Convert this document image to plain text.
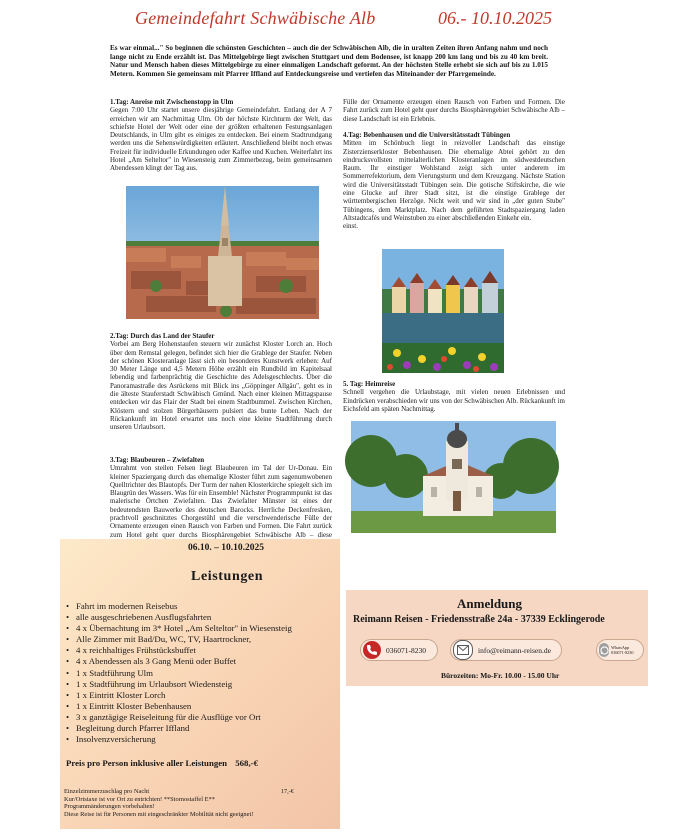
Gemeindefahrt Schwäbische Alb	06.- 10.10.2025
Es war einmal..." So beginnen die schönsten Geschichten – auch die der Schwäbischen Alb, die in uralten Zeiten ihren Anfang nahm und noch lange nicht zu Ende erzählt ist. Das Mittelgebirge liegt zwischen Stuttgart und dem Bodensee, ist knapp 200 km lang und bis zu 40 km breit. Natur und Mensch haben dieses Mittelgebirge zu einer einmaligen Landschaft geformt. An der höchsten Stelle erhebt sie sich auf bis zu 1.015 Metern. Kommen Sie gemeinsam mit Pfarrer Iffland auf Entdeckungsreise und vertiefen das Miteinander der Pfarrgemeinde.

1.Tag: Anreise mit Zwischenstopp in Ulm

Gegen 7:00 Uhr startet unsere diesjährige Gemeindefahrt. Entlang der A 7 erreichen wir am Nachmittag Ulm. Ob der höchste Kirchturm der Welt, das schiefste Hotel der Welt oder eine der größten erhaltenen Festungsanlagen Deutschlands, in Ulm gibt es einiges zu entdecken. Bei einem Stadtrundgang werden uns die Sehenswürdigkeiten erläutert. Anschließend bleibt noch etwas Freizeit für individuelle Erkundungen oder Kaffee und Kuchen. Weiterfahrt ins Hotel „Am Selteltor" in Wiesensteig zum Zimmerbezug, beim gemeinsamen Abendessen klingt der Tag aus.

2.Tag: Durch das Land der Staufer

Vorbei am Berg Hohenstaufen steuern wir zunächst Kloster Lorch an. Hoch über dem Remstal gelegen, befindet sich hier die Grablege der Staufer. Neben der schönen Klosteranlage lässt sich ein besonderes Kunstwerk erleben: Auf 30 Meter Länge und 4,5 Metern Höhe erzählt ein Rundbild im Kapitelsaal lebendig und farbenprächtig die Geschichte des Adelsgeschlechts. Über die Panoramastraße des Asrückens mit Blick ins „Göppinger Allgäu", geht es in die älteste Stauferstadt Schwäbisch Gmünd. Nach einer kleinen Mittagspause entdecken wir das Flair der Stadt bei einem Stadtbummel. Zwischen Kirchen, Klöstern und stolzen Bürgerhäusern pulsiert das bunte Leben. Nach der Rückankunft im Hotel erwartet uns noch eine kleine Stadtführung durch unseren Urlaubsort.

3.Tag: Blaubeuren – Zwiefalten

Umrahmt von steilen Felsen liegt Blaubeuren im Tal der Ur-Donau. Ein kleiner Spaziergang durch das ehemalige Kloster führt zum sagenumwobenen Quelltrichter des Blautopfs. Der Turm der nahen Klosterkirche spiegelt sich im Blaugrün des Wassers. Was für ein Ensemble! Nächster Programmpunkt ist das malerische Örtchen Zwiefalten. Das Zwiefalter Münster ist eines der bedeutendsten Bauwerke des deutschen Barocks. Herrliche Deckenfresken, prachtvoll geschnitztes Chorgestühl und die verschwenderische Fülle der Ornamente erzeugen einen Rausch von Farben und Formen. Die Fahrt zurück zum Hotel geht quer durchs Biosphärengebiet Schwäbische Alb – diese

Fülle der Ornamente erzeugen einen Rausch von Farben und Formen. Die Fahrt zurück zum Hotel geht quer durchs Biosphärengebiet Schwäbische Alb – diese Landschaft ist ein Erlebnis.

4.Tag: Bebenhausen und die Universitätsstadt Tübingen

Mitten im Schönbuch liegt in reizvoller Landschaft das einstige Zisterzienserkloster Bebenhausen. Die ehemalige Abtei gehört zu den eindrucksvollsten mittelalterlichen Klosteranlagen im südwestdeutschen Raum. Ihr einstiger Wohlstand zeigt sich unter anderem im Sommerrefektorium, dem Vierungsturm und dem Kreuzgang. Nächste Station wird die Universitätsstadt Tübingen sein. Die gotische Stiftskirche, die wie eine Glucke auf ihrer Stadt sitzt, ist die einstige Grablege der württembergischen Herzöge. Nicht weit und wir sind in „der guten Stube" Tübingens, dem Marktplatz. Nach dem geführten Stadtspaziergang laden Altstadtcafés und Weinstuben zu einer abschließenden Einkehr ein.

einst.

5. Tag: Heimreise

Schnell vergehen die Urlaubstage, mit vielen neuen Erlebnissen und Eindrücken verabschieden wir uns von der Schwäbischen Alb. Rückankunft im Eichsfeld am späten Nachmittag.

06.10. – 10.10.2025
Leistungen
• Fahrt im modernen Reisebus
• alle ausgeschriebenen Ausflugsfahrten
• 4 x Übernachtung im 3* Hotel „Am Selteltor" in Wiesensteig
• Alle Zimmer mit Bad/Du, WC, TV, Haartrockner,
• 4 x reichhaltiges Frühstücksbuffet
• 4 x Abendessen als 3 Gang Menü oder Buffet
• 1 x Stadtführung Ulm
• 1 x Stadtführung im Urlaubsort Wiedensteig
• 1 x Eintritt Kloster Lorch
• 1 x Eintritt Kloster Bebenhausen
• 3 x ganztägige Reiseleitung für die Ausflüge vor Ort
• Begleitung durch Pfarrer Iffland
• Insolvenzversicherung
Preis pro Person inklusive aller Leistungen 568,-€
Einzelzimmerzuschlag pro Nacht	17,-€
Kur/Ortstaxe ist vor Ort zu entrichten! **Stornostaffel E**
Programmänderungen vorbehalten!
Diese Reise ist für Personen mit eingeschränkter Mobilität nicht geeignet!
Anmeldung
Reimann Reisen - Friedensstraße 24a - 37339 Ecklingerode
036071-8230	info@reimann-reisen.de	WhatsApp 036071-8230
Bürozeiten: Mo-Fr. 10.00 - 15.00 Uhr
